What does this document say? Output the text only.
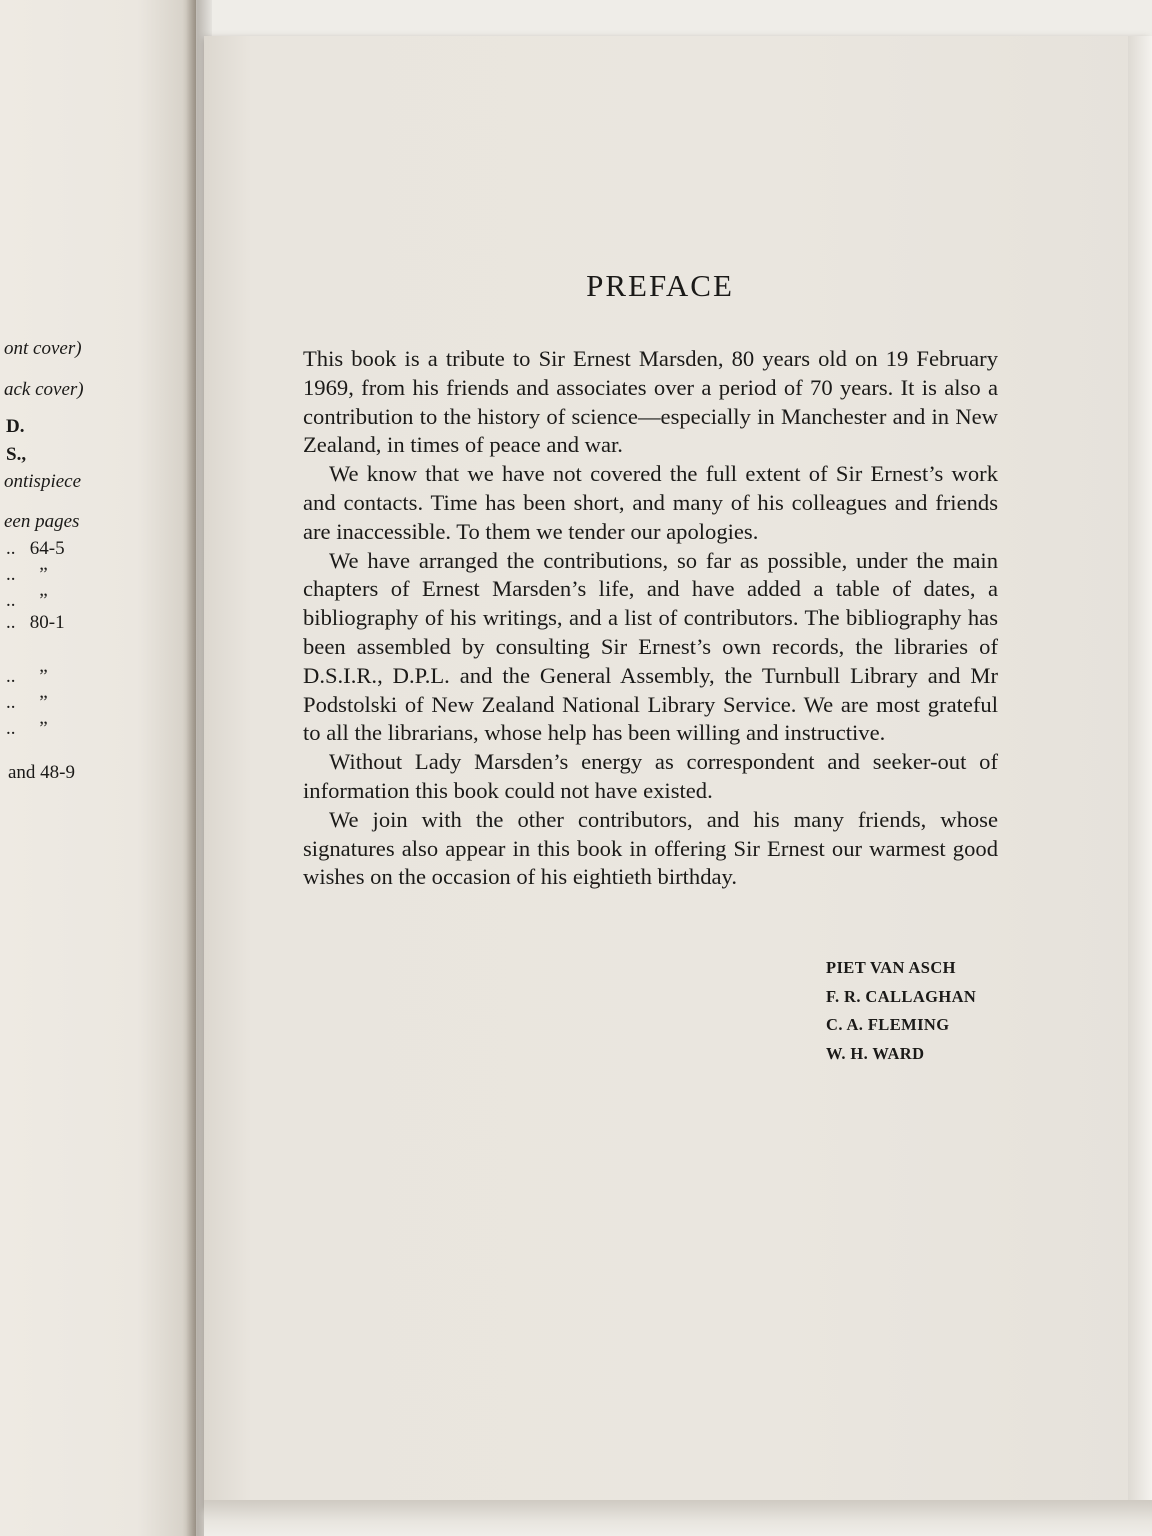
ont cover)
ack cover)
D.
S.,
ontispiece
een pages
..   64-5
..     ”
..     ”
..   80-1
..     ”
..     ”
..     ”
and 48-9
PREFACE

This book is a tribute to Sir Ernest Marsden, 80 years old on 19 February 1969, from his friends and associates over a period of 70 years. It is also a contribution to the history of science—especially in Manchester and in New Zealand, in times of peace and war.

We know that we have not covered the full extent of Sir Ernest’s work and contacts. Time has been short, and many of his colleagues and friends are inaccessible. To them we tender our apologies.

We have arranged the contributions, so far as possible, under the main chapters of Ernest Marsden’s life, and have added a table of dates, a bibliography of his writings, and a list of contributors. The bibliography has been assembled by consulting Sir Ernest’s own records, the libraries of D.S.I.R., D.P.L. and the General Assembly, the Turnbull Library and Mr Podstolski of New Zealand National Library Service. We are most grateful to all the librarians, whose help has been willing and instructive.

Without Lady Marsden’s energy as correspondent and seeker-out of information this book could not have existed.

We join with the other contributors, and his many friends, whose signatures also appear in this book in offering Sir Ernest our warmest good wishes on the occasion of his eightieth birthday.

PIET VAN ASCH
F. R. CALLAGHAN
C. A. FLEMING
W. H. WARD
